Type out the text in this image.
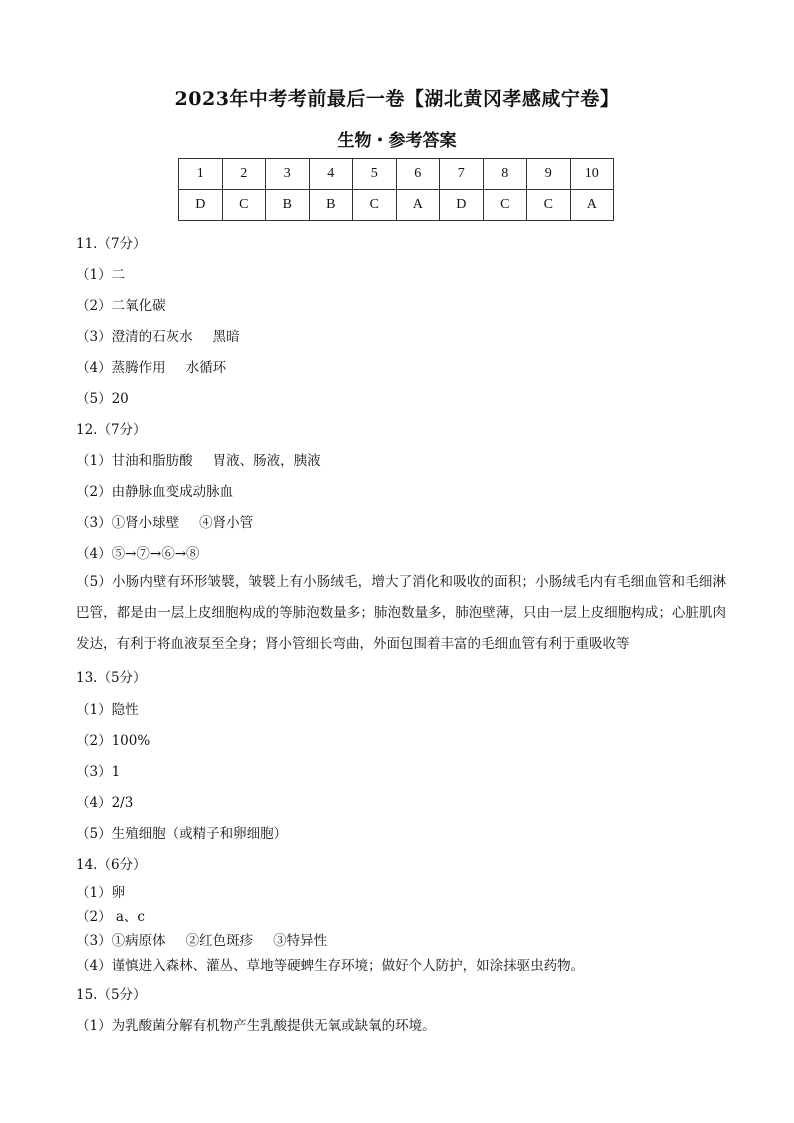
2023年中考考前最后一卷【湖北黄冈孝感咸宁卷】
生物・参考答案
1	2	3	4	5	6	7	8	9	10
D	C	B	B	C	A	D	C	C	A
11.（7分）
（1）二
（2）二氧化碳
（3）澄清的石灰水 黑暗
（4）蒸腾作用 水循环
（5）20
12.（7分）
（1）甘油和脂肪酸 胃液、肠液，胰液
（2）由静脉血变成动脉血
（3）①肾小球壁 ④肾小管
（4）⑤→⑦→⑥→⑧
（5）小肠内壁有环形皱襞，皱襞上有小肠绒毛，增大了消化和吸收的面积；小肠绒毛内有毛细血管和毛细淋巴管，都是由一层上皮细胞构成的等肺泡数量多；肺泡数量多，肺泡壁薄，只由一层上皮细胞构成；心脏肌肉发达，有利于将血液泵至全身；肾小管细长弯曲，外面包围着丰富的毛细血管有利于重吸收等
13.（5分）
（1）隐性
（2）100%
（3）1
（4）2/3
（5）生殖细胞（或精子和卵细胞）
14.（6分）
（1）卵
（2） a、c
（3）①病原体 ②红色斑疹 ③特异性
（4）谨慎进入森林、灌丛、草地等硬蜱生存环境；做好个人防护，如涂抹驱虫药物。
15.（5分）
（1）为乳酸菌分解有机物产生乳酸提供无氧或缺氧的环境。
